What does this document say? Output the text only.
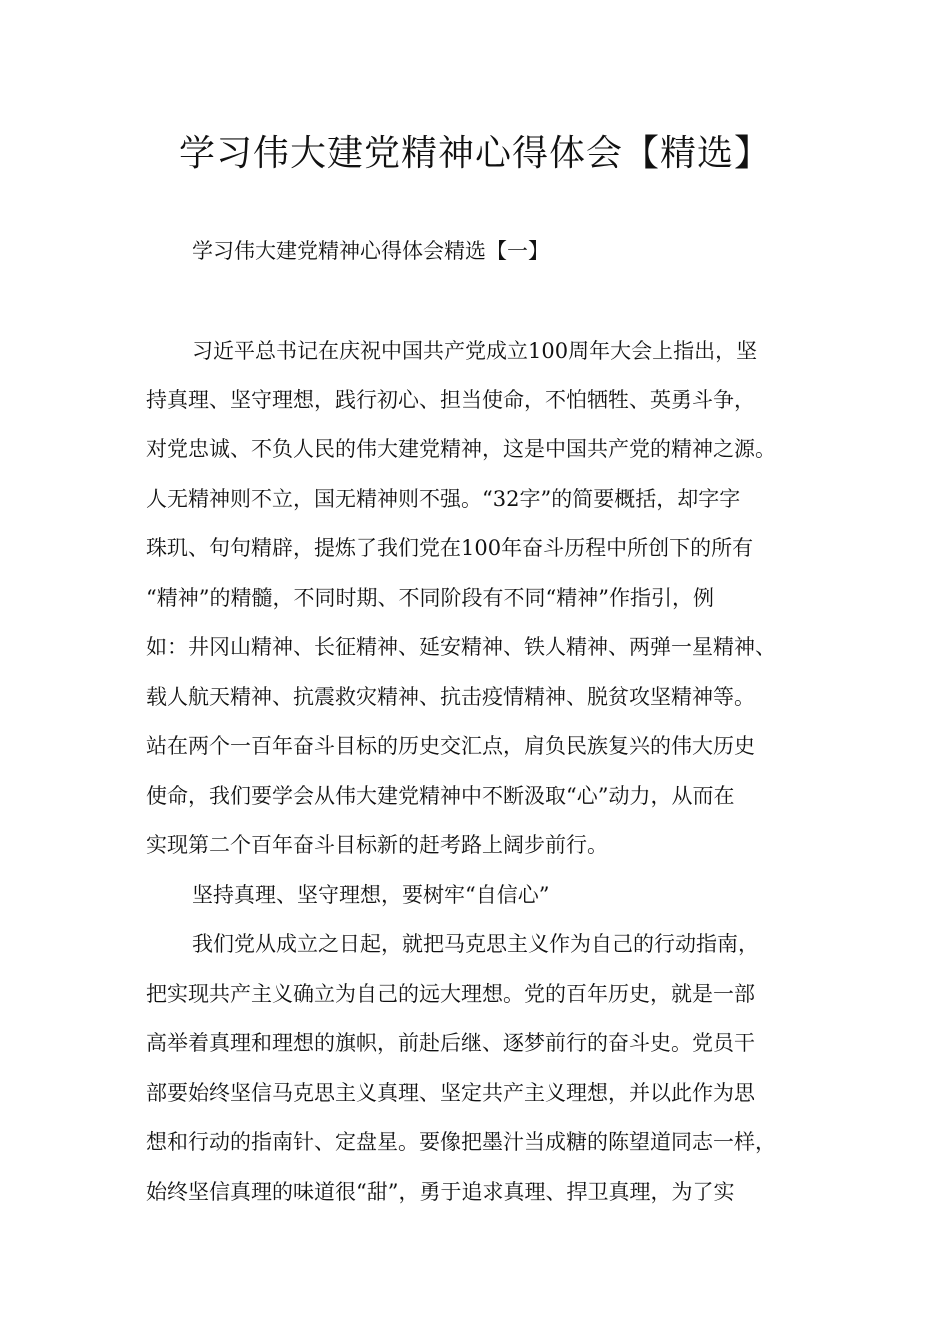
学习伟大建党精神心得体会【精选】

学习伟大建党精神心得体会精选【一】

习近平总书记在庆祝中国共产党成立100周年大会上指出，坚

持真理、坚守理想，践行初心、担当使命，不怕牺牲、英勇斗争，

对党忠诚、不负人民的伟大建党精神，这是中国共产党的精神之源。

人无精神则不立，国无精神则不强。“32字”的简要概括，却字字

珠玑、句句精辟，提炼了我们党在100年奋斗历程中所创下的所有

“精神”的精髓，不同时期、不同阶段有不同“精神”作指引，例

如：井冈山精神、长征精神、延安精神、铁人精神、两弹一星精神、

载人航天精神、抗震救灾精神、抗击疫情精神、脱贫攻坚精神等。

站在两个一百年奋斗目标的历史交汇点，肩负民族复兴的伟大历史

使命，我们要学会从伟大建党精神中不断汲取“心”动力，从而在

实现第二个百年奋斗目标新的赶考路上阔步前行。

坚持真理、坚守理想，要树牢“自信心”

我们党从成立之日起，就把马克思主义作为自己的行动指南，

把实现共产主义确立为自己的远大理想。党的百年历史，就是一部

高举着真理和理想的旗帜，前赴后继、逐梦前行的奋斗史。党员干

部要始终坚信马克思主义真理、坚定共产主义理想，并以此作为思

想和行动的指南针、定盘星。要像把墨汁当成糖的陈望道同志一样，

始终坚信真理的味道很“甜”，勇于追求真理、捍卫真理，为了实
